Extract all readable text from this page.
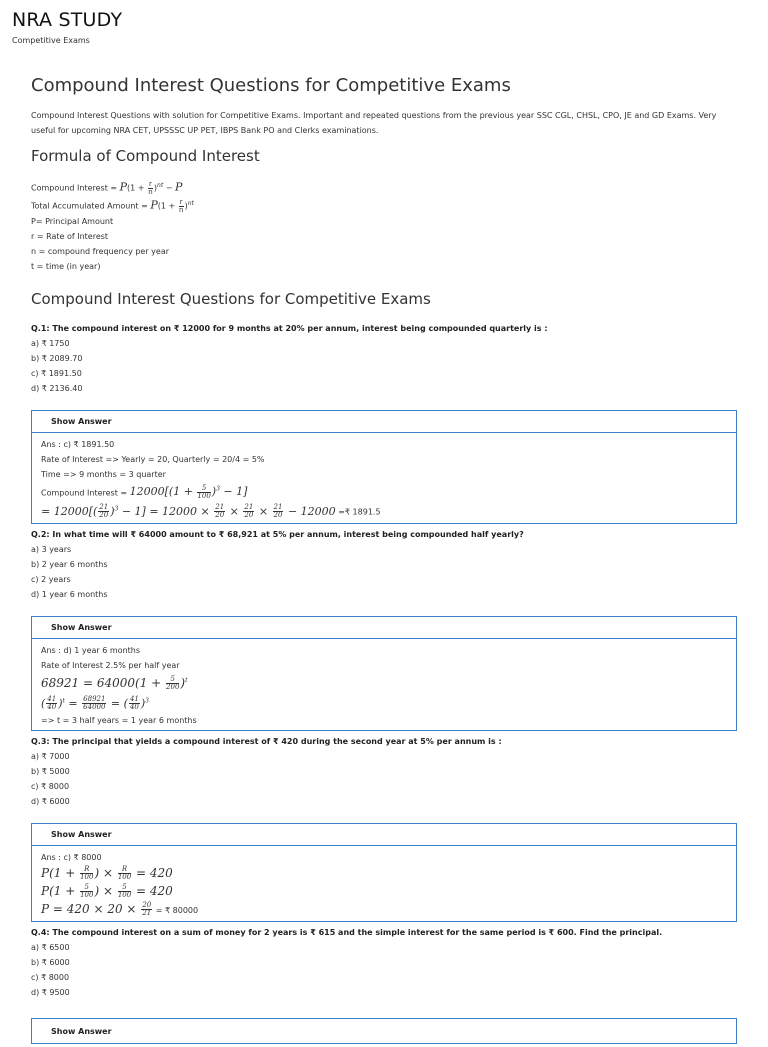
NRA STUDY
Competitive Exams
Compound Interest Questions for Competitive Exams

Compound Interest Questions with solution for Competitive Exams. Important and repeated questions from the previous year SSC CGL, CHSL, CPO, JE and GD Exams. Very useful for upcoming NRA CET, UPSSSC UP PET, IBPS Bank PO and Clerks examinations.

Formula of Compound Interest
Compound Interest = $P(1 + \frac{r}{n} )^{nt} - P$
Total Accumulated Amount = $P(1 + \frac{r}{n} )^{nt}$
P= Principal Amount
r = Rate of Interest
n = compound frequency per year
t = time (in year)
Compound Interest Questions for Competitive Exams
Q.1: The compound interest on ₹ 12000 for 9 months at 20% per annum, interest being compounded quarterly is :
a) ₹ 1750
b) ₹ 2089.70
c) ₹ 1891.50
d) ₹ 2136.40
Show Answer
Ans : c) ₹ 1891.50
Rate of Interest => Yearly = 20, Quarterly = 20/4 = 5%
Time => 9 months = 3 quarter
Compound Interest = $12000[(1 + \frac{5}{100} )^3 - 1]$
= $12000[( \frac{21}{20} )^3 - 1] = 12000 \times \frac{21}{20} \times \frac{21}{20} \times \frac{21}{20} - 12000$ =₹ 1891.5
Q.2: In what time will ₹ 64000 amount to ₹ 68,921 at 5% per annum, interest being compounded half yearly?
a) 3 years
b) 2 year 6 months
c) 2 years
d) 1 year 6 months
Show Answer
Ans : d) 1 year 6 months
Rate of Interest 2.5% per half year
$68921 = 64000(1 + \frac{5}{200} )^t$
( $\frac{41}{40} )^t = \frac{68921}{64000}$ = ( $\frac{41}{40} )^3$
=> t = 3 half years = 1 year 6 months
Q.3: The principal that yields a compound interest of ₹ 420 during the second year at 5% per annum is :
a) ₹ 7000
b) ₹ 5000
c) ₹ 8000
d) ₹ 6000
Show Answer
Ans : c) ₹ 8000
$P(1 + \frac{R}{100}$ ) × $\frac{R}{100} = 420$
$P(1 + \frac{5}{100}$ ) × $\frac{5}{100} = 420$
$P = 420 \times 20 \times \frac{20}{21}$ = ₹ 80000
Q.4: The compound interest on a sum of money for 2 years is ₹ 615 and the simple interest for the same period is ₹ 600. Find the principal.
a) ₹ 6500
b) ₹ 6000
c) ₹ 8000
d) ₹ 9500
Show Answer
